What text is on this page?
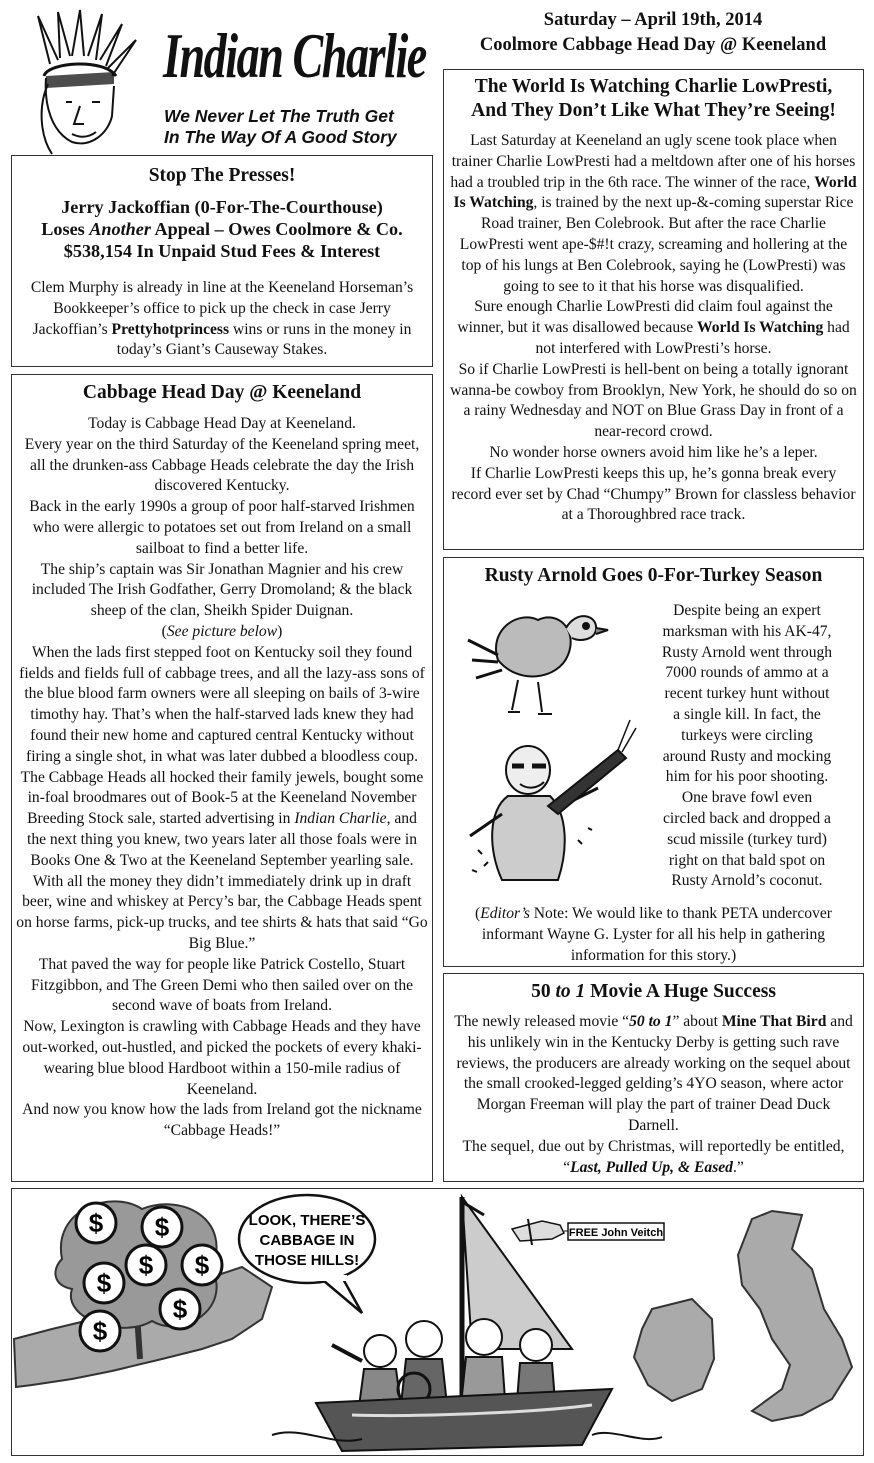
Indian Charlie
We Never Let The Truth Get
In The Way Of A Good Story
Saturday – April 19th, 2014
Coolmore Cabbage Head Day @ Keeneland
Stop The Presses!
Jerry Jackoffian (0-For-The-Courthouse)
Loses Another Appeal – Owes Coolmore & Co.
$538,154 In Unpaid Stud Fees & Interest

Clem Murphy is already in line at the Keeneland Horseman’s Bookkeeper’s office to pick up the check in case Jerry Jackoffian’s Prettyhotprincess wins or runs in the money in today’s Giant’s Causeway Stakes.

Cabbage Head Day @ Keeneland

Today is Cabbage Head Day at Keeneland.

Every year on the third Saturday of the Keeneland spring meet, all the drunken-ass Cabbage Heads celebrate the day the Irish discovered Kentucky.

Back in the early 1990s a group of poor half-starved Irishmen who were allergic to potatoes set out from Ireland on a small sailboat to find a better life.

The ship’s captain was Sir Jonathan Magnier and his crew included The Irish Godfather, Gerry Dromoland; & the black sheep of the clan, Sheikh Spider Duignan.

(See picture below)

When the lads first stepped foot on Kentucky soil they found fields and fields full of cabbage trees, and all the lazy-ass sons of the blue blood farm owners were all sleeping on bails of 3-wire timothy hay. That’s when the half-starved lads knew they had found their new home and captured central Kentucky without firing a single shot, in what was later dubbed a bloodless coup.

The Cabbage Heads all hocked their family jewels, bought some in-foal broodmares out of Book-5 at the Keeneland November Breeding Stock sale, started advertising in Indian Charlie, and the next thing you knew, two years later all those foals were in Books One & Two at the Keeneland September yearling sale.

With all the money they didn’t immediately drink up in draft beer, wine and whiskey at Percy’s bar, the Cabbage Heads spent on horse farms, pick-up trucks, and tee shirts & hats that said “Go Big Blue.”

That paved the way for people like Patrick Costello, Stuart Fitzgibbon, and The Green Demi who then sailed over on the second wave of boats from Ireland.

Now, Lexington is crawling with Cabbage Heads and they have out-worked, out-hustled, and picked the pockets of every khaki-wearing blue blood Hardboot within a 150-mile radius of Keeneland.

And now you know how the lads from Ireland got the nickname “Cabbage Heads!”

The World Is Watching Charlie LowPresti,
And They Don’t Like What They’re Seeing!

Last Saturday at Keeneland an ugly scene took place when trainer Charlie LowPresti had a meltdown after one of his horses had a troubled trip in the 6th race. The winner of the race, World Is Watching, is trained by the next up-&-coming superstar Rice Road trainer, Ben Colebrook. But after the race Charlie LowPresti went ape-$#!t crazy, screaming and hollering at the top of his lungs at Ben Colebrook, saying he (LowPresti) was going to see to it that his horse was disqualified.

Sure enough Charlie LowPresti did claim foul against the winner, but it was disallowed because World Is Watching had not interfered with LowPresti’s horse.

So if Charlie LowPresti is hell-bent on being a totally ignorant wanna-be cowboy from Brooklyn, New York, he should do so on a rainy Wednesday and NOT on Blue Grass Day in front of a near-record crowd.

No wonder horse owners avoid him like he’s a leper.

If Charlie LowPresti keeps this up, he’s gonna break every record ever set by Chad “Chumpy” Brown for classless behavior at a Thoroughbred race track.

Rusty Arnold Goes 0-For-Turkey Season

Despite being an expert

marksman with his AK-47,

Rusty Arnold went through

7000 rounds of ammo at a

recent turkey hunt without

a single kill. In fact, the

turkeys were circling

around Rusty and mocking

him for his poor shooting.

One brave fowl even

circled back and dropped a

scud missile (turkey turd)

right on that bald spot on

Rusty Arnold’s coconut.

(Editor’s Note: We would like to thank PETA undercover informant Wayne G. Lyster for all his help in gathering information for this story.)

50 to 1 Movie A Huge Success

The newly released movie “50 to 1” about Mine That Bird and his unlikely win in the Kentucky Derby is getting such rave reviews, the producers are already working on the sequel about the small crooked-legged gelding’s 4YO season, where actor Morgan Freeman will play the part of trainer Dead Duck Darnell.

The sequel, due out by Christmas, will reportedly be entitled, “Last, Pulled Up, & Eased.”

$ $
$
$ $
$
$
LOOK, THERE’S
CABBAGE IN
THOSE HILLS!
FREE John Veitch
